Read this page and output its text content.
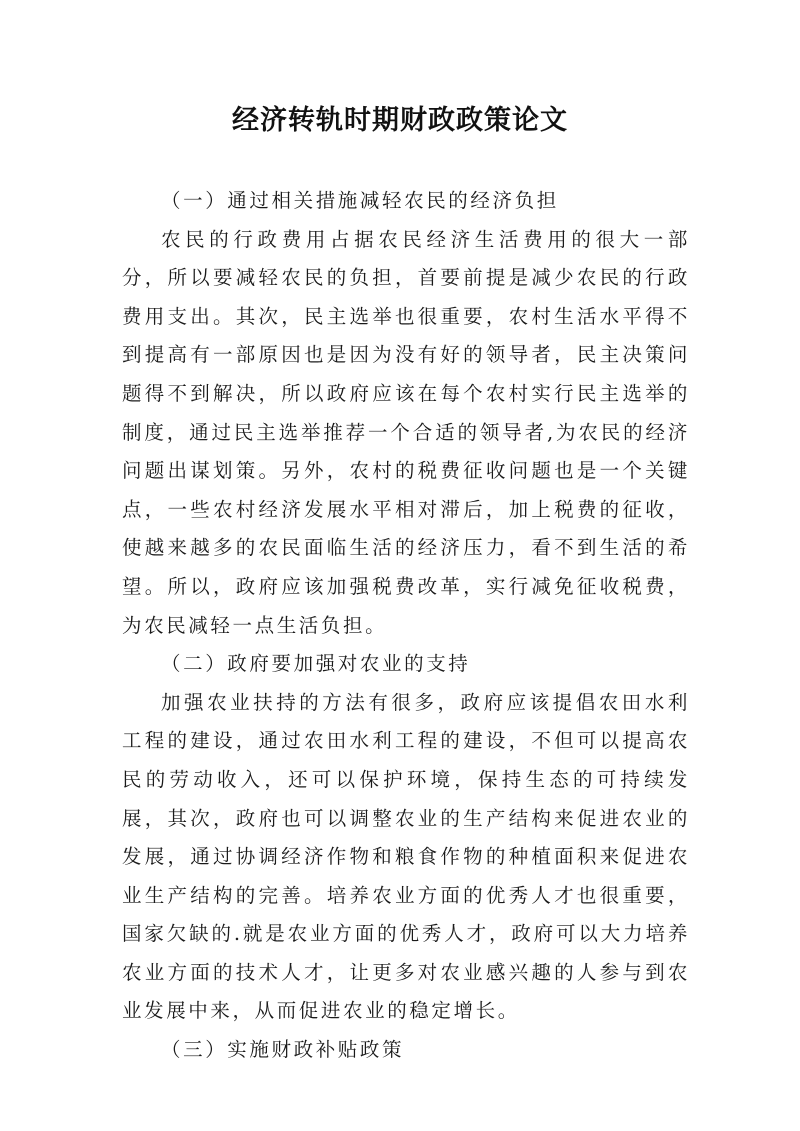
经济转轨时期财政政策论文

（一）通过相关措施减轻农民的经济负担

农民的行政费用占据农民经济生活费用的很大一部分，所以要减轻农民的负担，首要前提是减少农民的行政费用支出。其次，民主选举也很重要，农村生活水平得不到提高有一部原因也是因为没有好的领导者，民主决策问题得不到解决，所以政府应该在每个农村实行民主选举的制度，通过民主选举推荐一个合适的领导者,为农民的经济问题出谋划策。另外，农村的税费征收问题也是一个关键点，一些农村经济发展水平相对滞后，加上税费的征收，使越来越多的农民面临生活的经济压力，看不到生活的希望。所以，政府应该加强税费改革，实行减免征收税费，为农民减轻一点生活负担。

（二）政府要加强对农业的支持

加强农业扶持的方法有很多，政府应该提倡农田水利工程的建设，通过农田水利工程的建设，不但可以提高农民的劳动收入，还可以保护环境，保持生态的可持续发展，其次，政府也可以调整农业的生产结构来促进农业的发展，通过协调经济作物和粮食作物的种植面积来促进农业生产结构的完善。培养农业方面的优秀人才也很重要，国家欠缺的.就是农业方面的优秀人才，政府可以大力培养农业方面的技术人才，让更多对农业感兴趣的人参与到农业发展中来，从而促进农业的稳定增长。

（三）实施财政补贴政策
